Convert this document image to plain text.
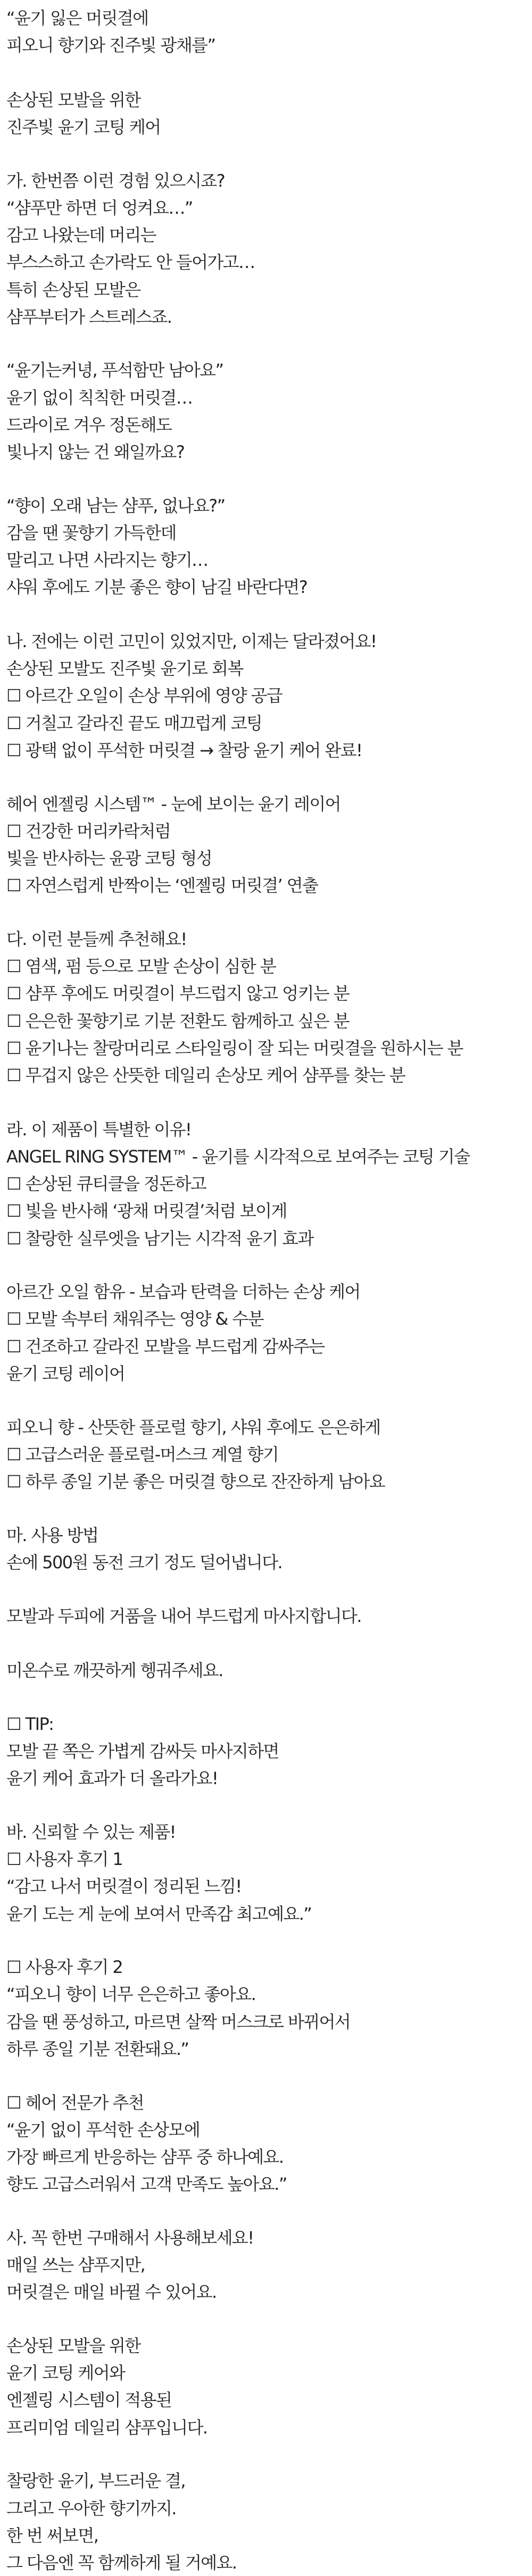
“윤기 잃은 머릿결에

피오니 향기와 진주빛 광채를”

손상된 모발을 위한

진주빛 윤기 코팅 케어

가. 한번쯤 이런 경험 있으시죠?

“샴푸만 하면 더 엉켜요…”

감고 나왔는데 머리는

부스스하고 손가락도 안 들어가고…

특히 손상된 모발은

샴푸부터가 스트레스죠.

“윤기는커녕, 푸석함만 남아요”

윤기 없이 칙칙한 머릿결…

드라이로 겨우 정돈해도

빛나지 않는 건 왜일까요?

“향이 오래 남는 샴푸, 없나요?”

감을 땐 꽃향기 가득한데

말리고 나면 사라지는 향기…

샤워 후에도 기분 좋은 향이 남길 바란다면?

나. 전에는 이런 고민이 있었지만, 이제는 달라졌어요!

손상된 모발도 진주빛 윤기로 회복

☐ 아르간 오일이 손상 부위에 영양 공급

☐ 거칠고 갈라진 끝도 매끄럽게 코팅

☐ 광택 없이 푸석한 머릿결 → 찰랑 윤기 케어 완료!

헤어 엔젤링 시스템™ - 눈에 보이는 윤기 레이어

☐ 건강한 머리카락처럼

빛을 반사하는 윤광 코팅 형성

☐ 자연스럽게 반짝이는 ‘엔젤링 머릿결’ 연출

다. 이런 분들께 추천해요!

☐ 염색, 펌 등으로 모발 손상이 심한 분

☐ 샴푸 후에도 머릿결이 부드럽지 않고 엉키는 분

☐ 은은한 꽃향기로 기분 전환도 함께하고 싶은 분

☐ 윤기나는 찰랑머리로 스타일링이 잘 되는 머릿결을 원하시는 분

☐ 무겁지 않은 산뜻한 데일리 손상모 케어 샴푸를 찾는 분

라. 이 제품이 특별한 이유!

ANGEL RING SYSTEM™ - 윤기를 시각적으로 보여주는 코팅 기술

☐ 손상된 큐티클을 정돈하고

☐ 빛을 반사해 ‘광채 머릿결’처럼 보이게

☐ 찰랑한 실루엣을 남기는 시각적 윤기 효과

아르간 오일 함유 - 보습과 탄력을 더하는 손상 케어

☐ 모발 속부터 채워주는 영양 & 수분

☐ 건조하고 갈라진 모발을 부드럽게 감싸주는

윤기 코팅 레이어

피오니 향 - 산뜻한 플로럴 향기, 샤워 후에도 은은하게

☐ 고급스러운 플로럴-머스크 계열 향기

☐ 하루 종일 기분 좋은 머릿결 향으로 잔잔하게 남아요

마. 사용 방법

손에 500원 동전 크기 정도 덜어냅니다.

모발과 두피에 거품을 내어 부드럽게 마사지합니다.

미온수로 깨끗하게 헹궈주세요.

☐ TIP:

모발 끝 쪽은 가볍게 감싸듯 마사지하면

윤기 케어 효과가 더 올라가요!

바. 신뢰할 수 있는 제품!

☐ 사용자 후기 1

“감고 나서 머릿결이 정리된 느낌!

윤기 도는 게 눈에 보여서 만족감 최고예요.”

☐ 사용자 후기 2

“피오니 향이 너무 은은하고 좋아요.

감을 땐 풍성하고, 마르면 살짝 머스크로 바뀌어서

하루 종일 기분 전환돼요.”

☐ 헤어 전문가 추천

“윤기 없이 푸석한 손상모에

가장 빠르게 반응하는 샴푸 중 하나예요.

향도 고급스러워서 고객 만족도 높아요.”

사. 꼭 한번 구매해서 사용해보세요!

매일 쓰는 샴푸지만,

머릿결은 매일 바뀔 수 있어요.

손상된 모발을 위한

윤기 코팅 케어와

엔젤링 시스템이 적용된

프리미엄 데일리 샴푸입니다.

찰랑한 윤기, 부드러운 결,

그리고 우아한 향기까지.

한 번 써보면,

그 다음엔 꼭 함께하게 될 거예요.
